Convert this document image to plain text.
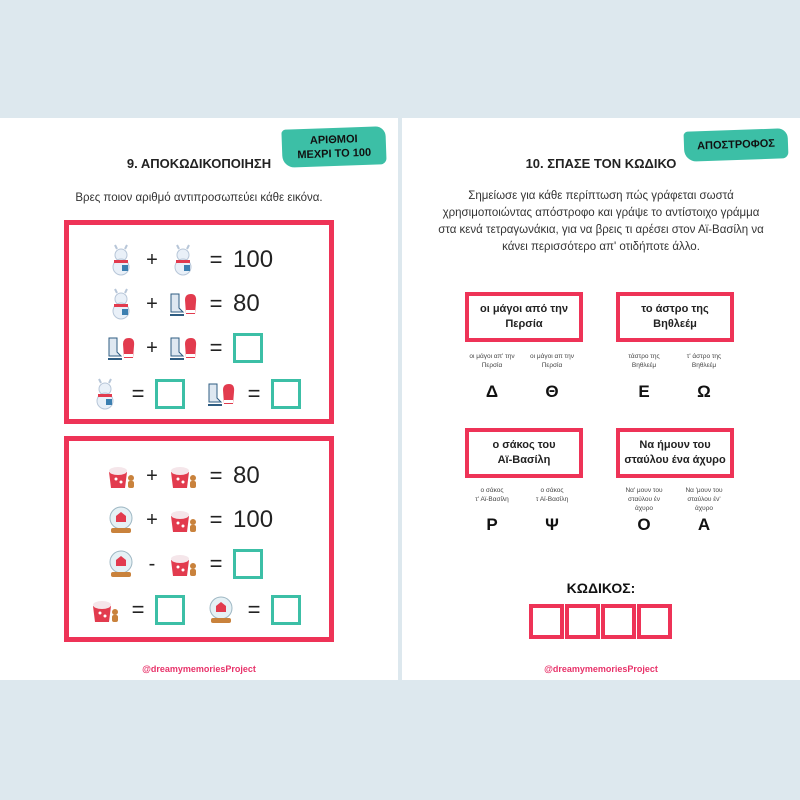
ΑΡΙΘΜΟΙ
ΜΕΧΡΙ ΤΟ 100
9. ΑΠΟΚΩΔΙΚΟΠΟΙΗΣΗ
Βρες ποιον αριθμό αντιπροσωπεύει κάθε εικόνα.
+	= 100
+	= 80
+	=
=	=
+	= 80
+	= 100
-	=
=	=
@dreamymemoriesProject
ΑΠΟΣΤΡΟΦΟΣ
10. ΣΠΑΣΕ ΤΟΝ ΚΩΔΙΚΟ
Σημείωσε για κάθε περίπτωση πώς γράφεται σωστά
χρησιμοποιώντας απόστροφο και γράψε το αντίστοιχο γράμμα
στα κενά τετραγωνάκια, για να βρεις τι αρέσει στον Αϊ-Βασίλη να
κάνει περισσότερο απ' οτιδήποτε άλλο.
οι μάγοι από την
Περσία
οι μάγοι απ' την
Περσία
οι μάγοι απ την
Περσία
Δ	Θ
το άστρο της
Βηθλεέμ
τάστρο της
Βηθλεέμ
τ' άστρο της
Βηθλεέμ
Ε	Ω
ο σάκος του
Αϊ-Βασίλη
ο σάκος
τ' Αϊ-Βασίλη
ο σάκος
τ Αϊ-Βασίλη
Ρ	Ψ
Να ήμουν του
σταύλου ένα άχυρο
Να' μουν του
σταύλου έν
άχυρο
Να 'μουν του
σταύλου έν'
άχυρο
Ο	Α
ΚΩΔΙΚΟΣ:
@dreamymemoriesProject
